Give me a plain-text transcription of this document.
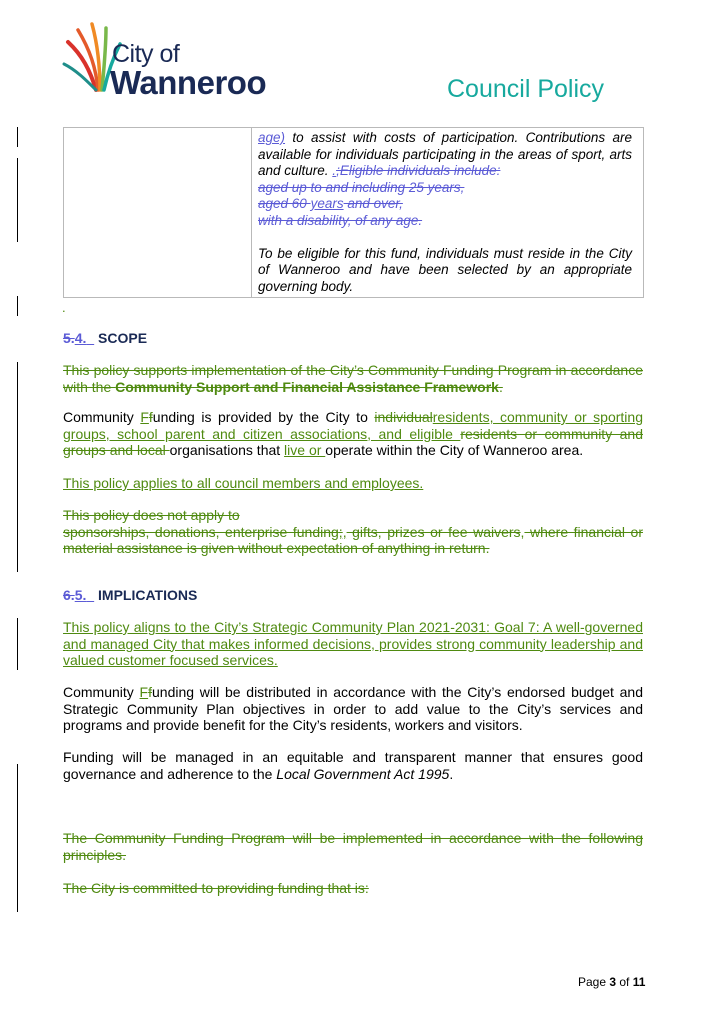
City of
Wanneroo	Council Policy

age) to assist with costs of participation. Contributions are available for individuals participating in the areas of sport, arts and culture. .;Eligible individuals include:

aged up to and including 25 years,

aged 60 years and over,

with a disability, of any age.

To be eligible for this fund, individuals must reside in the City of Wanneroo and have been selected by an appropriate governing body.

.
5.4. SCOPE

This policy supports implementation of the City’s Community Funding Program in accordance with the Community Support and Financial Assistance Framework.

Community Ffunding is provided by the City to individualresidents, community or sporting groups, school parent and citizen associations, and eligible residents or community and groups and local organisations that live or operate within the City of Wanneroo area.

This policy applies to all council members and employees.

This policy does not apply to
sponsorships, donations, enterprise funding;, gifts, prizes or fee waivers, where financial or material assistance is given without expectation of anything in return.

6.5. IMPLICATIONS

This policy aligns to the City’s Strategic Community Plan 2021-2031: Goal 7: A well-governed and managed City that makes informed decisions, provides strong community leadership and valued customer focused services.

Community Ffunding will be distributed in accordance with the City’s endorsed budget and Strategic Community Plan objectives in order to add value to the City’s services and programs and provide benefit for the City’s residents, workers and visitors.

Funding will be managed in an equitable and transparent manner that ensures good governance and adherence to the Local Government Act 1995.

The Community Funding Program will be implemented in accordance with the following principles.

The City is committed to providing funding that is:

Page 3 of 11
